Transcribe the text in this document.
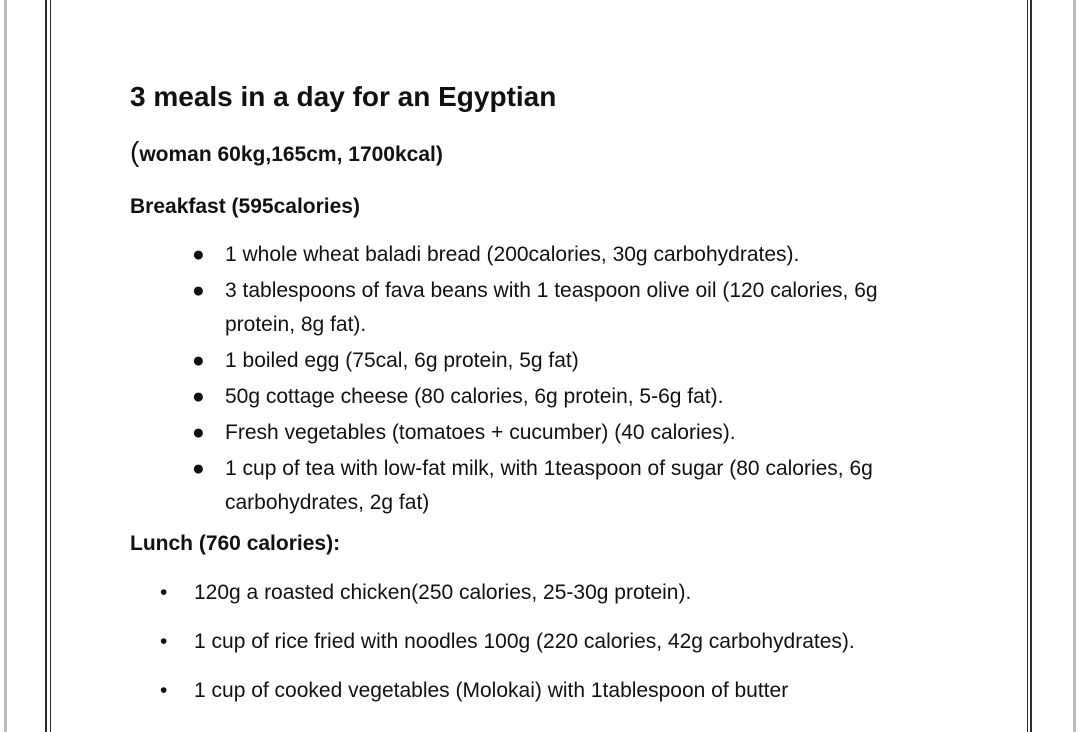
3 meals in a day for an Egyptian

(woman 60kg,165cm, 1700kcal)

Breakfast (595calories)

● 1 whole wheat baladi bread (200calories, 30g carbohydrates).
● 3 tablespoons of fava beans with 1 teaspoon olive oil (120 calories, 6g protein, 8g fat).
● 1 boiled egg (75cal, 6g protein, 5g fat)
● 50g cottage cheese (80 calories, 6g protein, 5-6g fat).
● Fresh vegetables (tomatoes + cucumber) (40 calories).
● 1 cup of tea with low-fat milk, with 1teaspoon of sugar (80 calories, 6g carbohydrates, 2g fat)

Lunch (760 calories):

• 120g a roasted chicken(250 calories, 25-30g protein).
• 1 cup of rice fried with noodles 100g (220 calories, 42g carbohydrates).
• 1 cup of cooked vegetables (Molokai) with 1tablespoon of butter
